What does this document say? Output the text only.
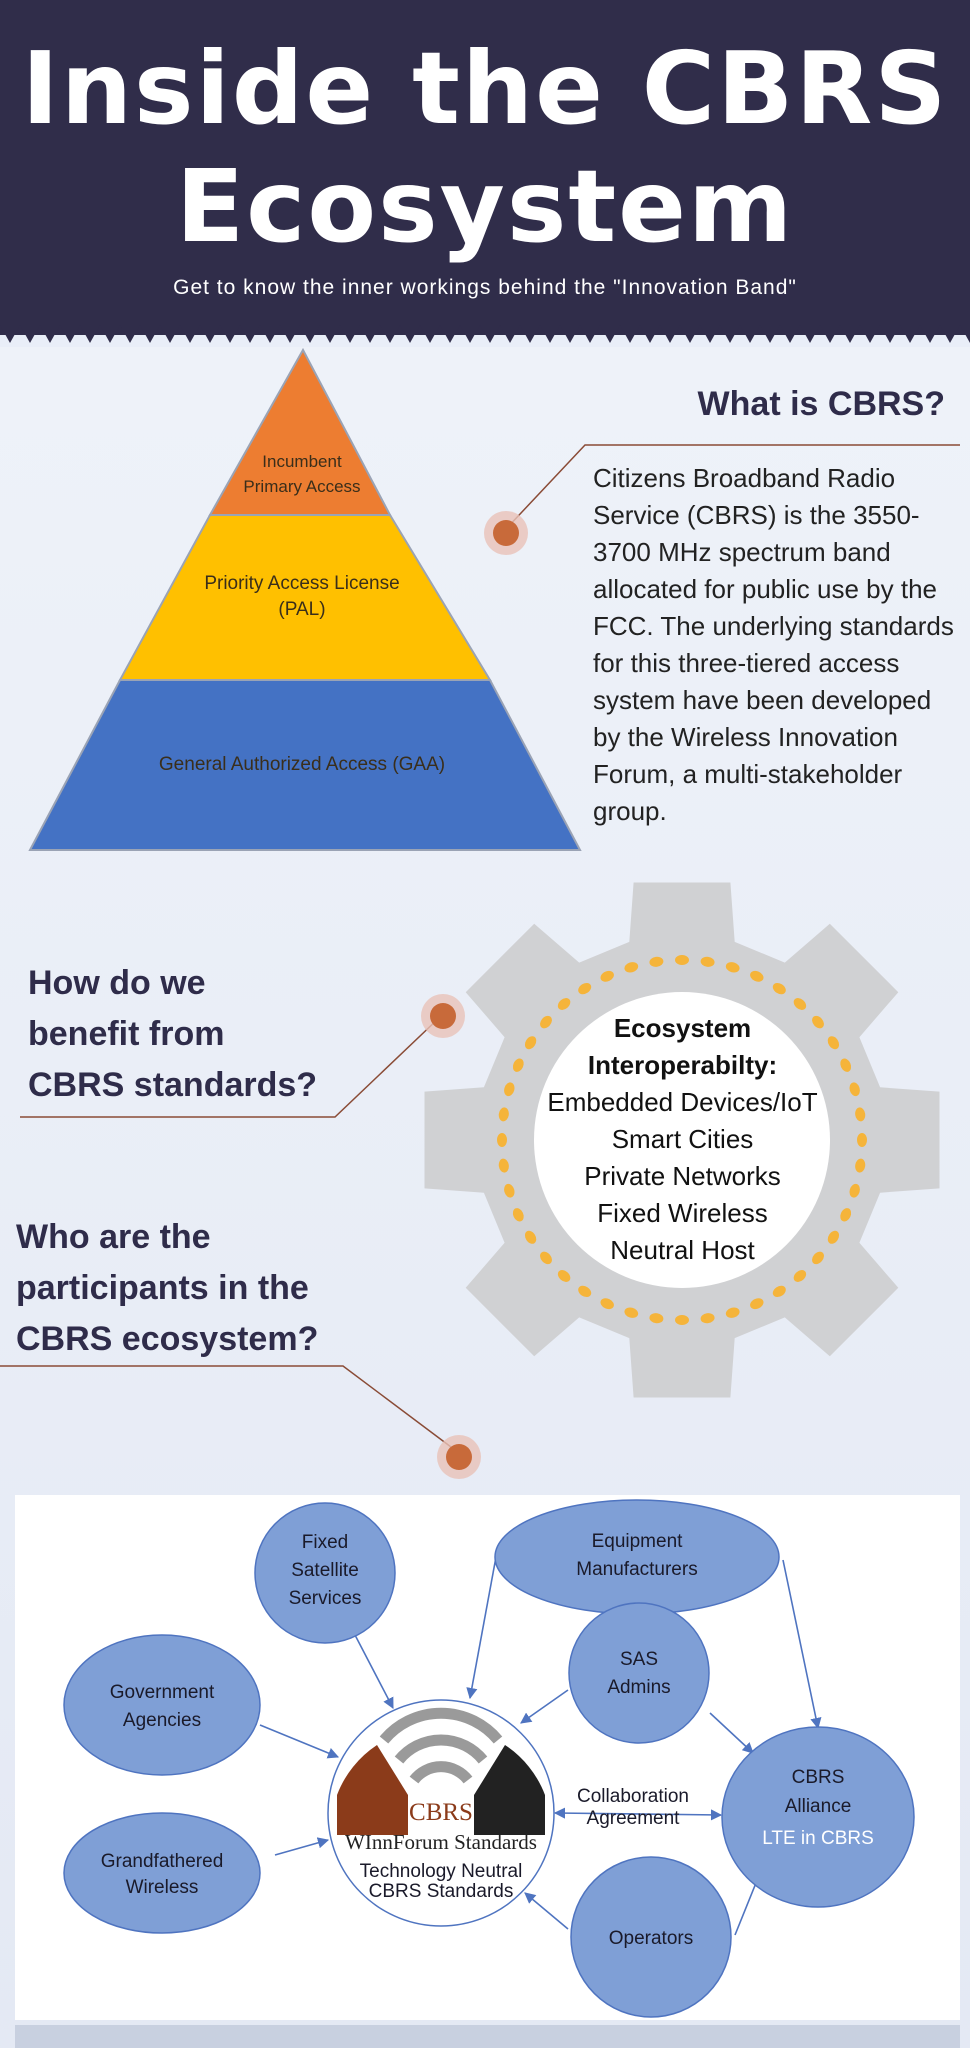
Inside the CBRS
Ecosystem
Get to know the inner workings behind the "Innovation Band"
Incumbent
Primary Access
Priority Access License
(PAL)
General Authorized Access (GAA)
What is CBRS?
Citizens Broadband Radio Service (CBRS) is the 3550-3700 MHz spectrum band allocated for public use by the FCC. The underlying standards for this three-tiered access system have been developed by the Wireless Innovation Forum, a multi-stakeholder group.
How do we
benefit from
CBRS standards?
Ecosystem
Interoperabilty:
Embedded Devices/IoT
Smart Cities
Private Networks
Fixed Wireless
Neutral Host
Who are the
participants in the
CBRS ecosystem?
Fixed
Satellite
Services
Equipment
Manufacturers
Government
Agencies
SAS
Admins
Grandfathered
Wireless
CBRS
Alliance
LTE in CBRS
Operators
Collaboration
Agreement
CBRS
WInnForum Standards
Technology Neutral
CBRS Standards
